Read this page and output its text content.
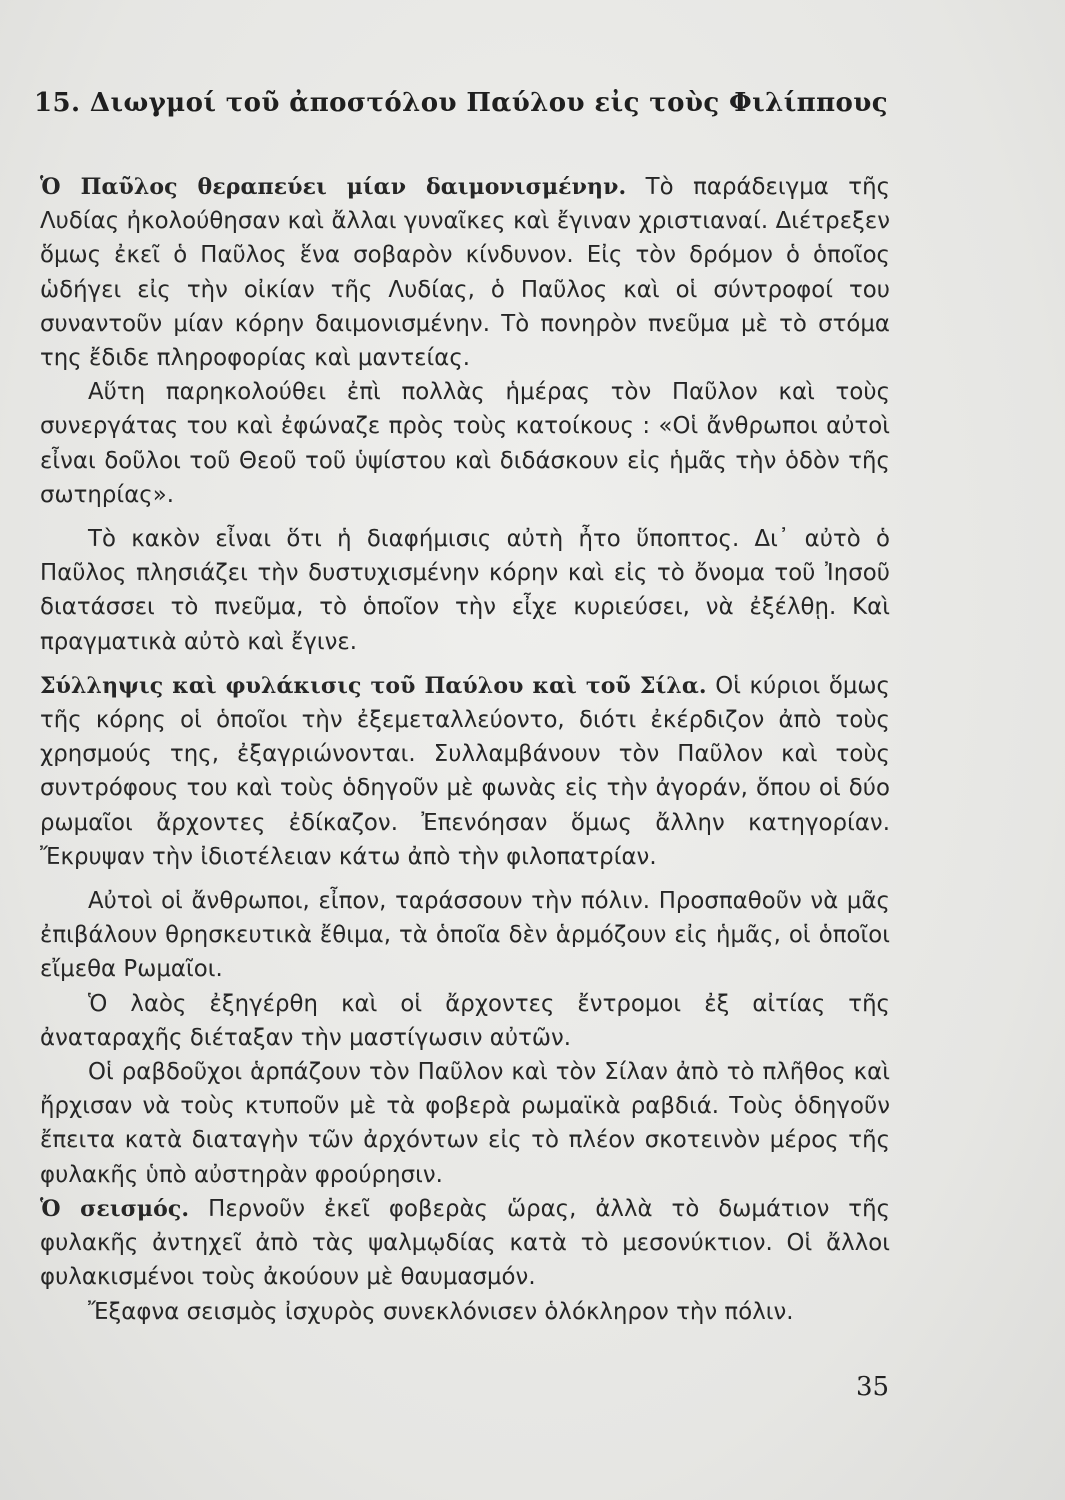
15. Διωγμοί τοῦ ἀποστόλου Παύλου εἰς τοὺς Φιλίππους

Ὁ Παῦλος θεραπεύει μίαν δαιμονισμένην. Τὸ παράδειγμα τῆς Λυδίας ἠκολούθησαν καὶ ἄλλαι γυναῖκες καὶ ἔγιναν χριστιαναί. Διέτρεξεν ὅμως ἐκεῖ ὁ Παῦλος ἕνα σοβαρὸν κίνδυνον. Εἰς τὸν δρόμον ὁ ὁποῖος ὡδήγει εἰς τὴν οἰκίαν τῆς Λυδίας, ὁ Παῦλος καὶ οἱ σύντροφοί του συναντοῦν μίαν κόρην δαιμονισμένην. Τὸ πονηρὸν πνεῦμα μὲ τὸ στόμα της ἔδιδε πληροφορίας καὶ μαντείας.

Αὕτη παρηκολούθει ἐπὶ πολλὰς ἡμέρας τὸν Παῦλον καὶ τοὺς συνεργάτας του καὶ ἐφώναζε πρὸς τοὺς κατοίκους : «Οἱ ἄνθρωποι αὐτοὶ εἶναι δοῦλοι τοῦ Θεοῦ τοῦ ὑψίστου καὶ διδάσκουν εἰς ἡμᾶς τὴν ὁδὸν τῆς σωτηρίας».

Τὸ κακὸν εἶναι ὅτι ἡ διαφήμισις αὐτὴ ἦτο ὕποπτος. Δι᾿ αὐτὸ ὁ Παῦλος πλησιάζει τὴν δυστυχισμένην κόρην καὶ εἰς τὸ ὄνομα τοῦ Ἰησοῦ διατάσσει τὸ πνεῦμα, τὸ ὁποῖον τὴν εἶχε κυριεύσει, νὰ ἐξέλθῃ. Καὶ πραγματικὰ αὐτὸ καὶ ἔγινε.

Σύλληψις καὶ φυλάκισις τοῦ Παύλου καὶ τοῦ Σίλα. Οἱ κύριοι ὅμως τῆς κόρης οἱ ὁποῖοι τὴν ἐξεμεταλλεύοντο, διότι ἐκέρδιζον ἀπὸ τοὺς χρησμούς της, ἐξαγριώνονται. Συλλαμβάνουν τὸν Παῦλον καὶ τοὺς συντρόφους του καὶ τοὺς ὁδηγοῦν μὲ φωνὰς εἰς τὴν ἀγοράν, ὅπου οἱ δύο ρωμαῖοι ἄρχοντες ἐδίκαζον. Ἐπενόησαν ὅμως ἄλλην κατηγορίαν. Ἔκρυψαν τὴν ἰδιοτέλειαν κάτω ἀπὸ τὴν φιλοπατρίαν.

Αὐτοὶ οἱ ἄνθρωποι, εἶπον, ταράσσουν τὴν πόλιν. Προσπαθοῦν νὰ μᾶς ἐπιβάλουν θρησκευτικὰ ἔθιμα, τὰ ὁποῖα δὲν ἁρμόζουν εἰς ἡμᾶς, οἱ ὁποῖοι εἴμεθα Ρωμαῖοι.

Ὁ λαὸς ἐξηγέρθη καὶ οἱ ἄρχοντες ἔντρομοι ἐξ αἰτίας τῆς ἀναταραχῆς διέταξαν τὴν μαστίγωσιν αὐτῶν.

Οἱ ραβδοῦχοι ἁρπάζουν τὸν Παῦλον καὶ τὸν Σίλαν ἀπὸ τὸ πλῆθος καὶ ἤρχισαν νὰ τοὺς κτυποῦν μὲ τὰ φοβερὰ ρωμαϊκὰ ραβδιά. Τοὺς ὁδηγοῦν ἔπειτα κατὰ διαταγὴν τῶν ἀρχόντων εἰς τὸ πλέον σκοτεινὸν μέρος τῆς φυλακῆς ὑπὸ αὐστηρὰν φρούρησιν.

Ὁ σεισμός. Περνοῦν ἐκεῖ φοβερὰς ὥρας, ἀλλὰ τὸ δωμάτιον τῆς φυλακῆς ἀντηχεῖ ἀπὸ τὰς ψαλμῳδίας κατὰ τὸ μεσονύκτιον. Οἱ ἄλλοι φυλακισμένοι τοὺς ἀκούουν μὲ θαυμασμόν.

Ἔξαφνα σεισμὸς ἰσχυρὸς συνεκλόνισεν ὁλόκληρον τὴν πόλιν.

35
